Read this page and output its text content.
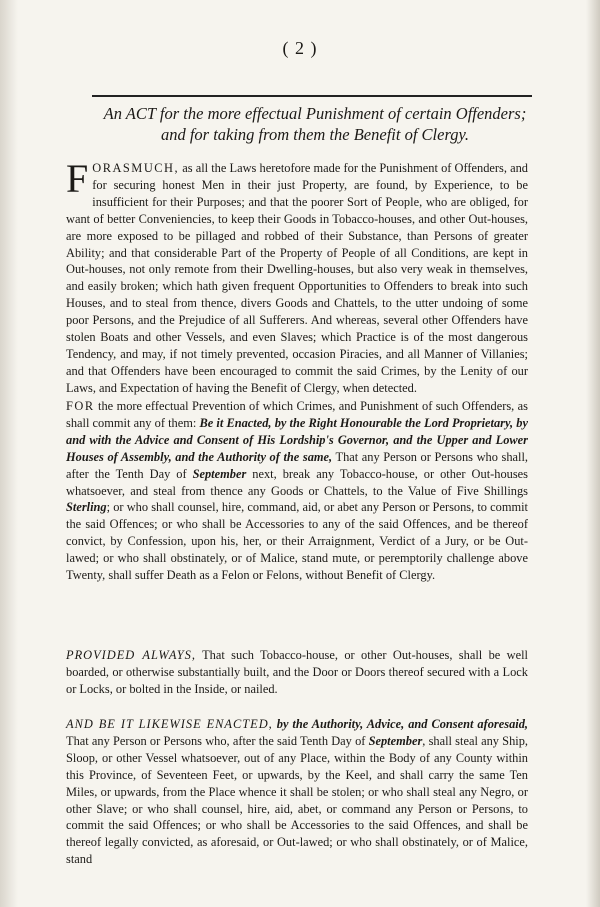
( 2 )
An ACT for the more effectual Punishment of certain Offenders;
and for taking from them the Benefit of Clergy.
FORASMUCH, as all the Laws heretofore made for the Punishment of Offenders, and for securing honest Men in their just Property, are found, by Experience, to be insufficient for their Purposes; and that the poorer Sort of People, who are obliged, for want of better Conveniencies, to keep their Goods in Tobacco-houses, and other Out-houses, are more exposed to be pillaged and robbed of their Substance, than Persons of greater Ability; and that considerable Part of the Property of People of all Conditions, are kept in Out-houses, not only remote from their Dwelling-houses, but also very weak in themselves, and easily broken; which hath given frequent Opportunities to Offenders to break into such Houses, and to steal from thence, divers Goods and Chattels, to the utter undoing of some poor Persons, and the Prejudice of all Sufferers. And whereas, several other Offenders have stolen Boats and other Vessels, and even Slaves; which Practice is of the most dangerous Tendency, and may, if not timely prevented, occasion Piracies, and all Manner of Villanies; and that Offenders have been encouraged to commit the said Crimes, by the Lenity of our Laws, and Expectation of having the Benefit of Clergy, when detected.
FOR the more effectual Prevention of which Crimes, and Punishment of such Offenders, as shall commit any of them: Be it Enacted, by the Right Honourable the Lord Proprietary, by and with the Advice and Consent of His Lordship's Governor, and the Upper and Lower Houses of Assembly, and the Authority of the same, That any Person or Persons who shall, after the Tenth Day of September next, break any Tobacco-house, or other Out-houses whatsoever, and steal from thence any Goods or Chattels, to the Value of Five Shillings Sterling; or who shall counsel, hire, command, aid, or abet any Person or Persons, to commit the said Offences; or who shall be Accessories to any of the said Offences, and be thereof convict, by Confession, upon his, her, or their Arraignment, Verdict of a Jury, or be Out-lawed; or who shall obstinately, or of Malice, stand mute, or peremptorily challenge above Twenty, shall suffer Death as a Felon or Felons, without Benefit of Clergy.
PROVIDED ALWAYS, That such Tobacco-house, or other Out-houses, shall be well boarded, or otherwise substantially built, and the Door or Doors thereof secured with a Lock or Locks, or bolted in the Inside, or nailed.
AND BE IT LIKEWISE ENACTED, by the Authority, Advice, and Consent aforesaid, That any Person or Persons who, after the said Tenth Day of September, shall steal any Ship, Sloop, or other Vessel whatsoever, out of any Place, within the Body of any County within this Province, of Seventeen Feet, or upwards, by the Keel, and shall carry the same Ten Miles, or upwards, from the Place whence it shall be stolen; or who shall steal any Negro, or other Slave; or who shall counsel, hire, aid, abet, or command any Person or Persons, to commit the said Offences; or who shall be Accessories to the said Offences, and shall be thereof legally convicted, as aforesaid, or Out-lawed; or who shall obstinately, or of Malice, stand
